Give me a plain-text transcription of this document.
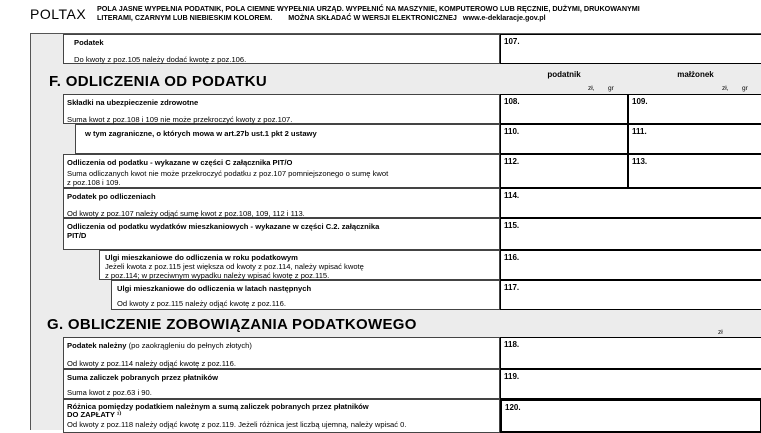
POLTAX POLA JASNE WYPEŁNIA PODATNIK, POLA CIEMNE WYPEŁNIA URZĄD. WYPEŁNIĆ NA MASZYNIE, KOMPUTEROWO LUB RĘCZNIE, DUŻYMI, DRUKOWANYMI
LITERAMI, CZARNYM LUB NIEBIESKIM KOLOREM. MOŻNA SKŁADAĆ W WERSJI ELEKTRONICZNEJ www.e-deklaracje.gov.pl
Podatek
Do kwoty z poz.105 należy dodać kwotę z poz.106.
107.
F. ODLICZENIA OD PODATKU	podatnik	małżonek
zł, gr	zł, gr
Składki na ubezpieczenie zdrowotne
Suma kwot z poz.108 i 109 nie może przekroczyć kwoty z poz.107.
108.	109.
w tym zagraniczne, o których mowa w art.27b ust.1 pkt 2 ustawy	110.	111.
Odliczenia od podatku - wykazane w części C załącznika PIT/O
Suma odliczanych kwot nie może przekroczyć podatku z poz.107 pomniejszonego o sumę kwot
z poz.108 i 109.
112.	113.
Podatek po odliczeniach
Od kwoty z poz.107 należy odjąć sumę kwot z poz.108, 109, 112 i 113.
114.
Odliczenia od podatku wydatków mieszkaniowych - wykazane w części C.2. załącznika
PIT/D
115.
Ulgi mieszkaniowe do odliczenia w roku podatkowym
Jeżeli kwota z poz.115 jest większa od kwoty z poz.114, należy wpisać kwotę
z poz.114; w przeciwnym wypadku należy wpisać kwotę z poz.115.
116.
Ulgi mieszkaniowe do odliczenia w latach następnych
Od kwoty z poz.115 należy odjąć kwotę z poz.116.
117.
G. OBLICZENIE ZOBOWIĄZANIA PODATKOWEGO	zł
Podatek należny (po zaokrągleniu do pełnych złotych)
Od kwoty z poz.114 należy odjąć kwotę z poz.116.
118.
Suma zaliczek pobranych przez płatników
Suma kwot z poz.63 i 90.
119.
Różnica pomiędzy podatkiem należnym a sumą zaliczek pobranych przez płatników
DO ZAPŁATY ¹⁾
Od kwoty z poz.118 należy odjąć kwotę z poz.119. Jeżeli różnica jest liczbą ujemną, należy wpisać 0.
120.
